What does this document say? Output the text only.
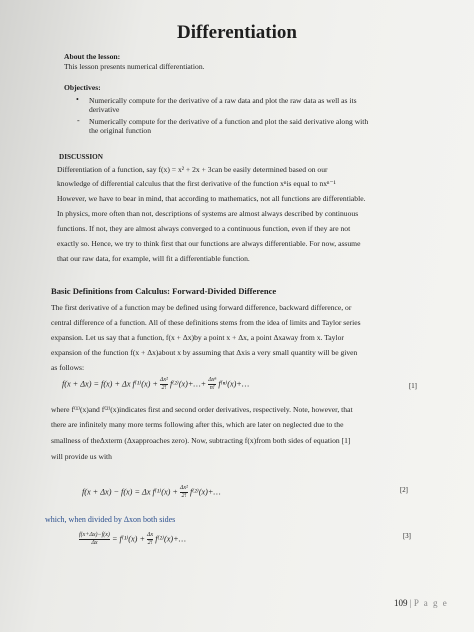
Differentiation
About the lesson:
This lesson presents numerical differentiation.
Objectives:
• Numerically compute for the derivative of a raw data and plot the raw data as well as its
derivative
- Numerically compute for the derivative of a function and plot the said derivative along with
the original function
DISCUSSION
Differentiation of a function, say f(x) = x² + 2x + 3can be easily determined based on our
knowledge of differential calculus that the first derivative of the function xⁿis equal to nxⁿ⁻¹
However, we have to bear in mind, that according to mathematics, not all functions are differentiable.
In physics, more often than not, descriptions of systems are almost always described by continuous
functions. If not, they are almost always converged to a continuous function, even if they are not
exactly so. Hence, we try to think first that our functions are always differentiable. For now, assume
that our raw data, for example, will fit a differentiable function.
Basic Definitions from Calculus: Forward-Divided Difference
The first derivative of a function may be defined using forward difference, backward difference, or
central difference of a function. All of these definitions stems from the idea of limits and Taylor series
expansion. Let us say that a function, f(x + Δx)by a point x + Δx, a point Δxaway from x. Taylor
expansion of the function f(x + Δx)about x by assuming that Δxis a very small quantity will be given
as follows:
f(x + Δx) = f(x) + Δx $f^{(1)}(x) + \frac{\text{Δx²}}{2!}$ f⁽²⁾(x)+…+ $\frac{\text{Δxⁿ}}{n!}$ f⁽ⁿ⁾(x)+…	[1]
where f⁽¹⁾(x)and f⁽²⁾(x)indicates first and second order derivatives, respectively. Note, however, that
there are infinitely many more terms following after this, which are later on neglected due to the
smallness of theΔxterm (Δxapproaches zero). Now, subtracting f(x)from both sides of equation [1]
will provide us with
f(x + Δx) − f(x) = Δx $f^{(1)}(x) + \frac{\text{Δx²}}{2!}$ f⁽²⁾(x)+…	[2]
which, when divided by Δxon both sides
$\frac{f(x+\Delta x)-f(x)}{\Delta x} = f^{(1)}(x) + \frac{\Delta x}{2!}$ f⁽²⁾(x)+…	[3]
109 | P a g e
